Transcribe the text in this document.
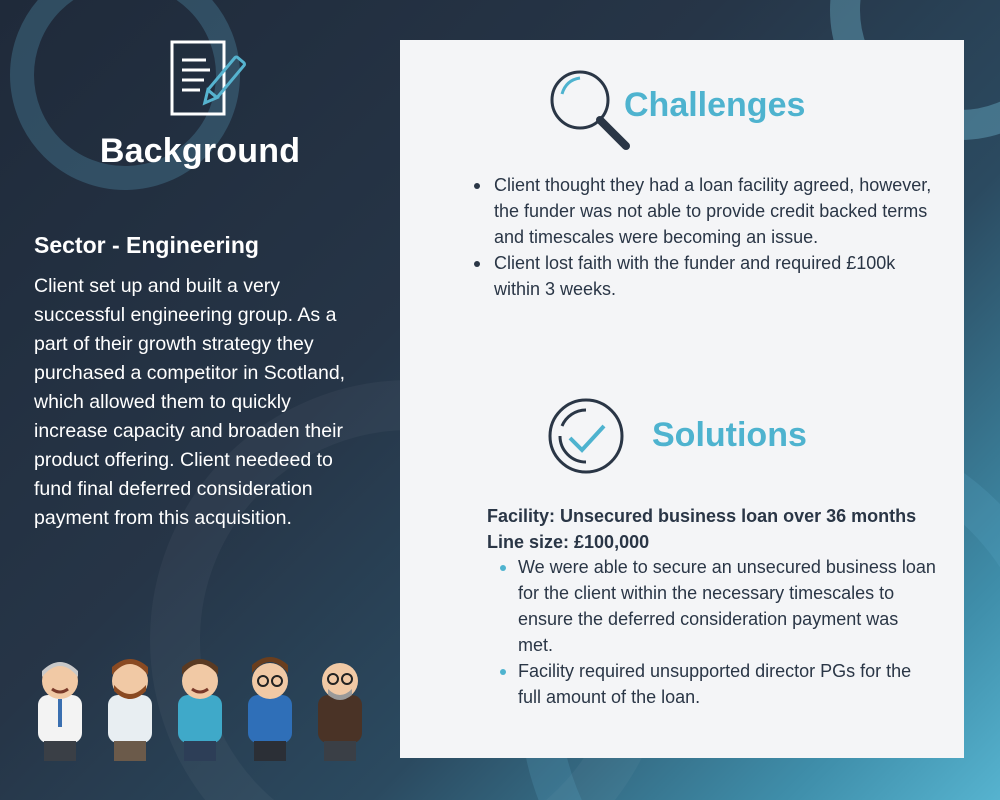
Background
Sector - Engineering
Client set up and built a very successful engineering group. As a part of their growth strategy they purchased a competitor in Scotland, which allowed them to quickly increase capacity and broaden their product offering. Client needeed to fund final deferred consideration payment from this acquisition.
Challenges
Client thought they had a loan facility agreed, however, the funder was not able to provide credit backed terms and timescales were becoming an issue.
Client lost faith with the funder and required £100k within 3 weeks.
Solutions
Facility: Unsecured business loan over 36 months
Line size: £100,000
We were able to secure an unsecured business loan for the client within the necessary timescales to ensure the deferred consideration payment was met.
Facility required unsupported director PGs for the full amount of the loan.
